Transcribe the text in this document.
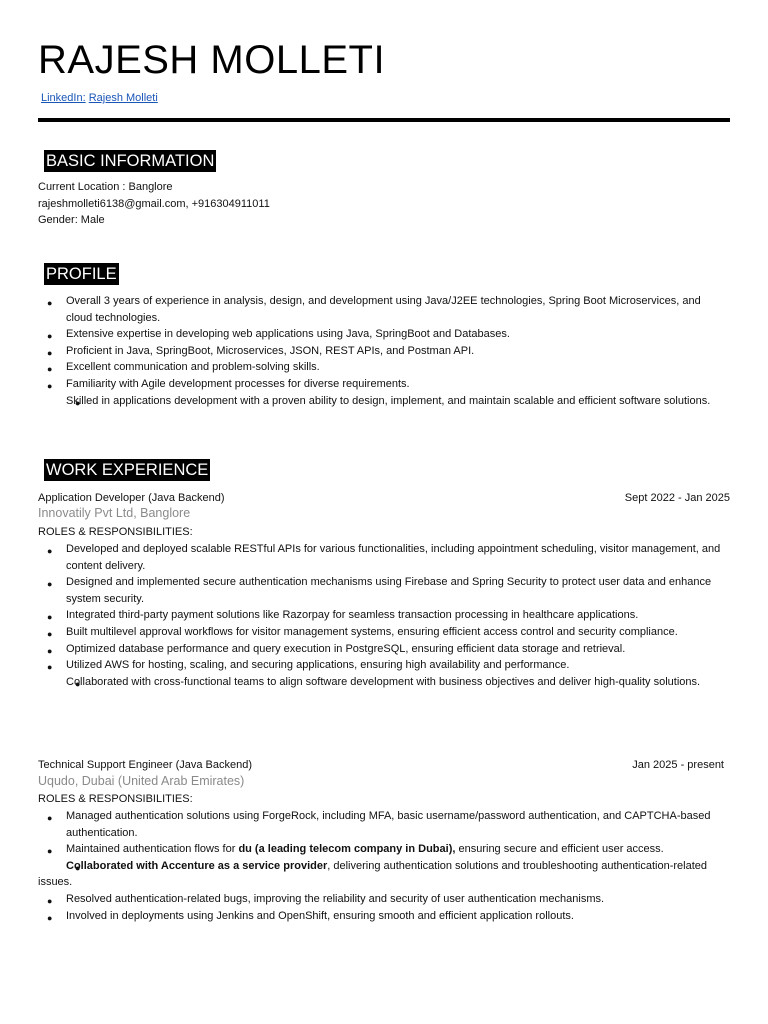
RAJESH MOLLETI
LinkedIn: Rajesh Molleti
BASIC INFORMATION

Current Location : Banglore

rajeshmolleti6138@gmail.com, +916304911011

Gender: Male

PROFILE
● Overall 3 years of experience in analysis, design, and development using Java/J2EE technologies, Spring Boot Microservices, and cloud technologies.
● Extensive expertise in developing web applications using Java, SpringBoot and Databases.
● Proficient in Java, SpringBoot, Microservices, JSON, REST APIs, and Postman API.
● Excellent communication and problem-solving skills.
● Familiarity with Agile development processes for diverse requirements.
● Skilled in applications development with a proven ability to design, implement, and maintain scalable and efficient software solutions.
WORK EXPERIENCE
Application Developer (Java Backend)	Sept 2022 - Jan 2025
Innovatily Pvt Ltd, Banglore
ROLES & RESPONSIBILITIES:
● Developed and deployed scalable RESTful APIs for various functionalities, including appointment scheduling, visitor management, and content delivery.
● Designed and implemented secure authentication mechanisms using Firebase and Spring Security to protect user data and enhance system security.
● Integrated third-party payment solutions like Razorpay for seamless transaction processing in healthcare applications.
● Built multilevel approval workflows for visitor management systems, ensuring efficient access control and security compliance.
● Optimized database performance and query execution in PostgreSQL, ensuring efficient data storage and retrieval.
● Utilized AWS for hosting, scaling, and securing applications, ensuring high availability and performance.
● Collaborated with cross-functional teams to align software development with business objectives and deliver high-quality solutions.
Technical Support Engineer (Java Backend)	Jan 2025 - present
Uqudo, Dubai (United Arab Emirates)
ROLES & RESPONSIBILITIES:
● Managed authentication solutions using ForgeRock, including MFA, basic username/password authentication, and CAPTCHA-based authentication.
● Maintained authentication flows for du (a leading telecom company in Dubai), ensuring secure and efficient user access.
● Collaborated with Accenture as a service provider, delivering authentication solutions and troubleshooting authentication-related issues.
● Resolved authentication-related bugs, improving the reliability and security of user authentication mechanisms.
● Involved in deployments using Jenkins and OpenShift, ensuring smooth and efficient application rollouts.
